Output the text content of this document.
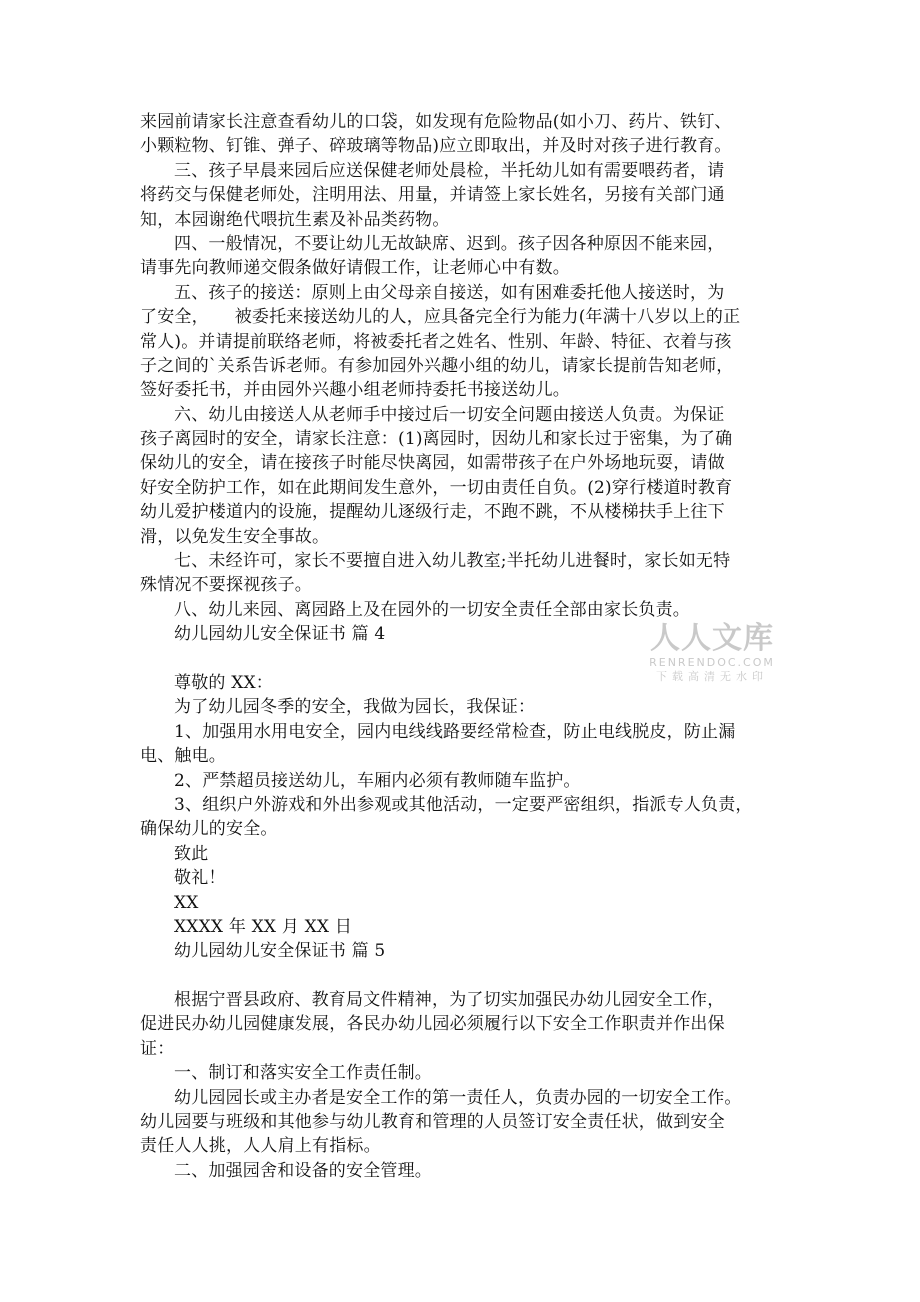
来园前请家长注意查看幼儿的口袋，如发现有危险物品(如小刀、药片、铁钉、
小颗粒物、钉锥、弹子、碎玻璃等物品)应立即取出，并及时对孩子进行教育。
三、孩子早晨来园后应送保健老师处晨检，半托幼儿如有需要喂药者，请
将药交与保健老师处，注明用法、用量，并请签上家长姓名，另接有关部门通
知，本园谢绝代喂抗生素及补品类药物。
四、一般情况，不要让幼儿无故缺席、迟到。孩子因各种原因不能来园，
请事先向教师递交假条做好请假工作，让老师心中有数。
五、孩子的接送：原则上由父母亲自接送，如有困难委托他人接送时，为
了安全，　　被委托来接送幼儿的人，应具备完全行为能力(年满十八岁以上的正
常人)。并请提前联络老师，将被委托者之姓名、性别、年龄、特征、衣着与孩
子之间的`关系告诉老师。有参加园外兴趣小组的幼儿，请家长提前告知老师，
签好委托书，并由园外兴趣小组老师持委托书接送幼儿。
六、幼儿由接送人从老师手中接过后一切安全问题由接送人负责。为保证
孩子离园时的安全，请家长注意：(1)离园时，因幼儿和家长过于密集，为了确
保幼儿的安全，请在接孩子时能尽快离园，如需带孩子在户外场地玩耍，请做
好安全防护工作，如在此期间发生意外，一切由责任自负。(2)穿行楼道时教育
幼儿爱护楼道内的设施，提醒幼儿逐级行走，不跑不跳，不从楼梯扶手上往下
滑，以免发生安全事故。
七、未经许可，家长不要擅自进入幼儿教室;半托幼儿进餐时，家长如无特
殊情况不要探视孩子。
八、幼儿来园、离园路上及在园外的一切安全责任全部由家长负责。
幼儿园幼儿安全保证书 篇 4
尊敬的 XX：
为了幼儿园冬季的安全，我做为园长，我保证：
1、加强用水用电安全，园内电线线路要经常检查，防止电线脱皮，防止漏
电、触电。
2、严禁超员接送幼儿，车厢内必须有教师随车监护。
3、组织户外游戏和外出参观或其他活动，一定要严密组织，指派专人负责，
确保幼儿的安全。
致此
敬礼！
XX
XXXX 年 XX 月 XX 日
幼儿园幼儿安全保证书 篇 5
根据宁晋县政府、教育局文件精神，为了切实加强民办幼儿园安全工作，
促进民办幼儿园健康发展，各民办幼儿园必须履行以下安全工作职责并作出保
证：
一、制订和落实安全工作责任制。
幼儿园园长或主办者是安全工作的第一责任人，负责办园的一切安全工作。
幼儿园要与班级和其他参与幼儿教育和管理的人员签订安全责任状，做到安全
责任人人挑，人人肩上有指标。
二、加强园舍和设备的安全管理。
人人文库
RENRENDOC.COM
下载高清无水印
